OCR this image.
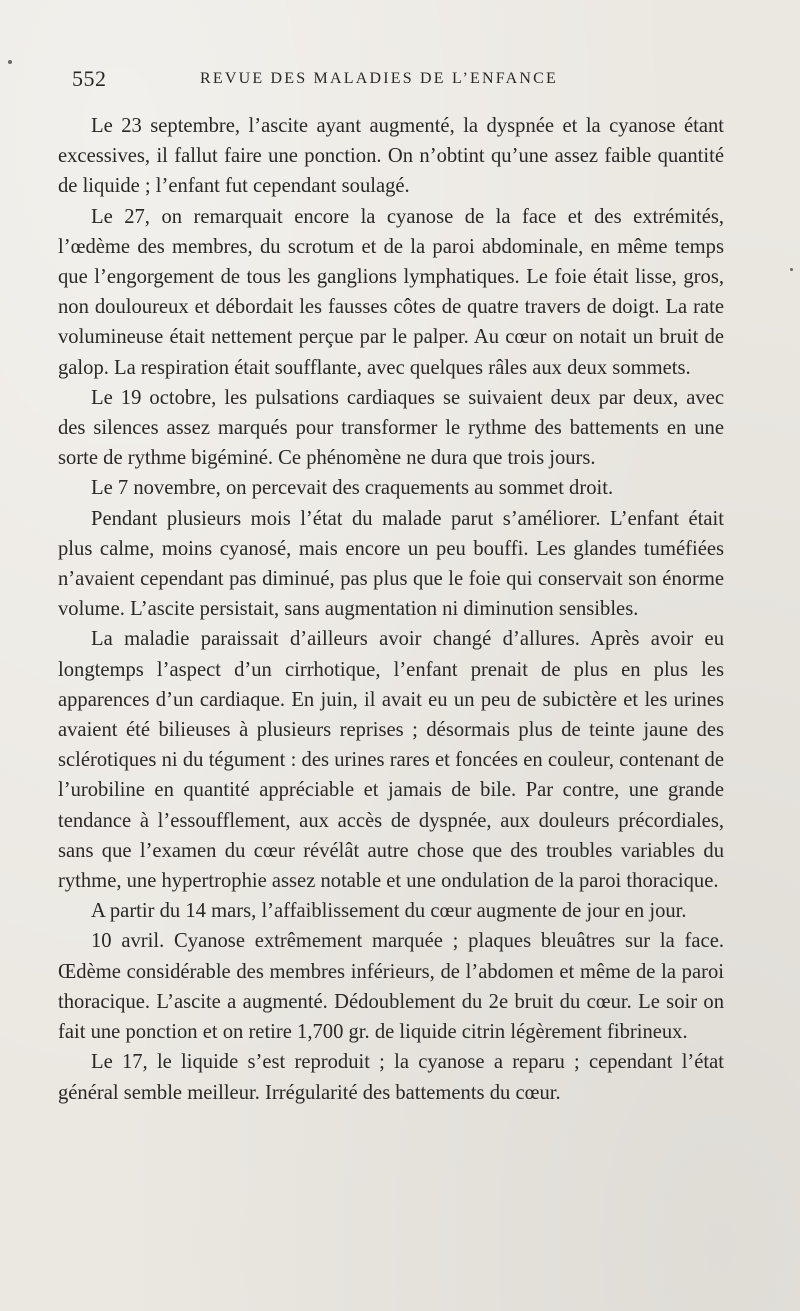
552	REVUE DES MALADIES DE L’ENFANCE

Le 23 septembre, l’ascite ayant augmenté, la dyspnée et la cyanose étant excessives, il fallut faire une ponction. On n’obtint qu’une assez faible quantité de liquide ; l’enfant fut cependant soulagé.

Le 27, on remarquait encore la cyanose de la face et des extrémités, l’œdème des membres, du scrotum et de la paroi abdominale, en même temps que l’engorgement de tous les ganglions lymphatiques. Le foie était lisse, gros, non douloureux et débordait les fausses côtes de quatre travers de doigt. La rate volumineuse était nettement perçue par le palper. Au cœur on notait un bruit de galop. La respiration était soufflante, avec quelques râles aux deux sommets.

Le 19 octobre, les pulsations cardiaques se suivaient deux par deux, avec des silences assez marqués pour transformer le rythme des battements en une sorte de rythme bigéminé. Ce phénomène ne dura que trois jours.

Le 7 novembre, on percevait des craquements au sommet droit.

Pendant plusieurs mois l’état du malade parut s’améliorer. L’enfant était plus calme, moins cyanosé, mais encore un peu bouffi. Les glandes tuméfiées n’avaient cependant pas diminué, pas plus que le foie qui conservait son énorme volume. L’ascite persistait, sans augmentation ni diminution sensibles.

La maladie paraissait d’ailleurs avoir changé d’allures. Après avoir eu longtemps l’aspect d’un cirrhotique, l’enfant prenait de plus en plus les apparences d’un cardiaque. En juin, il avait eu un peu de subictère et les urines avaient été bilieuses à plusieurs reprises ; désormais plus de teinte jaune des sclérotiques ni du tégument : des urines rares et foncées en couleur, contenant de l’urobiline en quantité appréciable et jamais de bile. Par contre, une grande tendance à l’essoufflement, aux accès de dyspnée, aux douleurs précordiales, sans que l’examen du cœur révélât autre chose que des troubles variables du rythme, une hypertrophie assez notable et une ondulation de la paroi thoracique.

A partir du 14 mars, l’affaiblissement du cœur augmente de jour en jour.

10 avril. Cyanose extrêmement marquée ; plaques bleuâtres sur la face. Œdème considérable des membres inférieurs, de l’abdomen et même de la paroi thoracique. L’ascite a augmenté. Dédoublement du 2e bruit du cœur. Le soir on fait une ponction et on retire 1,700 gr. de liquide citrin légèrement fibrineux.

Le 17, le liquide s’est reproduit ; la cyanose a reparu ; cependant l’état général semble meilleur. Irrégularité des battements du cœur.
